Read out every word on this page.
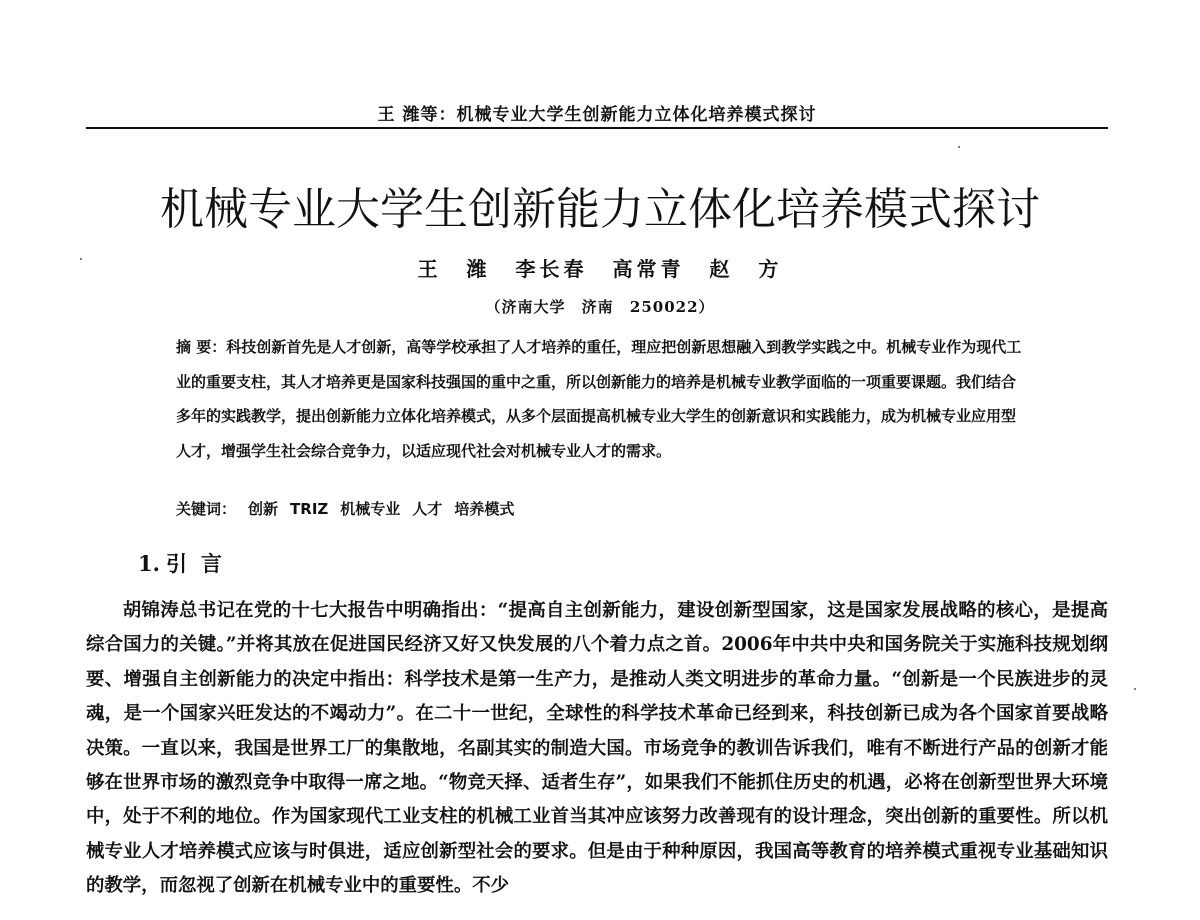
王 潍等：机械专业大学生创新能力立体化培养模式探讨
机械专业大学生创新能力立体化培养模式探讨
王 潍 李长春 高常青 赵 方
（济南大学 济南 250022）

摘 要：科技创新首先是人才创新，高等学校承担了人才培养的重任，理应把创新思想融入到教学实践之中。机械专业作为现代工业的重要支柱，其人才培养更是国家科技强国的重中之重，所以创新能力的培养是机械专业教学面临的一项重要课题。我们结合多年的实践教学，提出创新能力立体化培养模式，从多个层面提高机械专业大学生的创新意识和实践能力，成为机械专业应用型人才，增强学生社会综合竞争力，以适应现代社会对机械专业人才的需求。

关键词： 创新 TRIZ 机械专业 人才 培养模式
1. 引言

胡锦涛总书记在党的十七大报告中明确指出：“提高自主创新能力，建设创新型国家，这是国家发展战略的核心，是提高综合国力的关键。”并将其放在促进国民经济又好又快发展的八个着力点之首。2006年中共中央和国务院关于实施科技规划纲要、增强自主创新能力的决定中指出：科学技术是第一生产力，是推动人类文明进步的革命力量。“创新是一个民族进步的灵魂，是一个国家兴旺发达的不竭动力”。在二十一世纪，全球性的科学技术革命已经到来，科技创新已成为各个国家首要战略决策。一直以来，我国是世界工厂的集散地，名副其实的制造大国。市场竞争的教训告诉我们，唯有不断进行产品的创新才能够在世界市场的激烈竞争中取得一席之地。“物竞天择、适者生存”，如果我们不能抓住历史的机遇，必将在创新型世界大环境中，处于不利的地位。作为国家现代工业支柱的机械工业首当其冲应该努力改善现有的设计理念，突出创新的重要性。所以机械专业人才培养模式应该与时俱进，适应创新型社会的要求。但是由于种种原因，我国高等教育的培养模式重视专业基础知识的教学，而忽视了创新在机械专业中的重要性。不少
